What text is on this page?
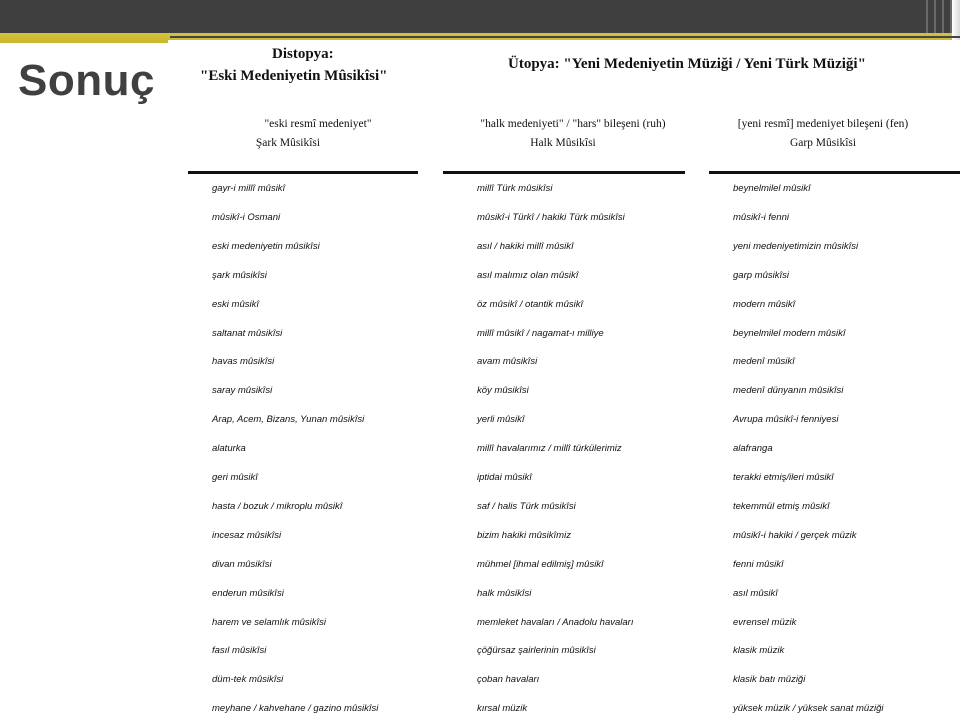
Distopya:
"Eski Medeniyetin Mûsikîsi"
Ütopya: "Yeni Medeniyetin Müziği / Yeni Türk Müziği"
"eski resmî medeniyet"
Şark Mûsikîsi
"halk medeniyeti" / "hars" bileşeni (ruh)
Halk Mûsikîsi
[yeni resmî] medeniyet bileşeni (fen)
Garp Mûsikîsi
gayr-i millî mûsikî
mûsikî-i Osmani
eski medeniyetin mûsikîsi
şark mûsikîsi
eski mûsikî
saltanat mûsikîsi
havas mûsikîsi
saray mûsikîsi
Arap, Acem, Bizans, Yunan mûsikîsi
alaturka
geri mûsikî
hasta / bozuk / mikroplu mûsikî
incesaz mûsikîsi
divan mûsikîsi
enderun mûsikîsi
harem ve selamlık mûsikîsi
fasıl mûsikîsi
düm-tek mûsikîsi
meyhane / kahvehane / gazino mûsikîsi
millî Türk mûsikîsi
mûsikî-i Türkî / hakiki Türk mûsikîsi
asıl / hakiki millî mûsikî
asıl malımız olan mûsikî
öz mûsikî / otantik mûsikî
millî mûsikî / nagamat-ı milliye
avam mûsikîsi
köy mûsikîsi
yerli mûsikî
millî havalarımız / millî türkülerimiz
iptidai mûsikî
saf / halis Türk mûsikîsi
bizim hakiki mûsikîmiz
mühmel [ihmal edilmiş] mûsikî
halk mûsikîsi
memleket havaları / Anadolu havaları
çöğürsaz şairlerinin mûsikîsi
çoban havaları
kırsal müzik
beynelmilel mûsikî
mûsikî-i fenni
yeni medeniyetimizin mûsikîsi
garp mûsikîsi
modern mûsikî
beynelmilel modern mûsikî
medenî mûsikî
medenî dünyanın mûsikîsi
Avrupa mûsikî-i fenniyesi
alafranga
terakki etmiş/ileri mûsikî
tekemmül etmiş mûsikî
mûsikî-i hakiki / gerçek müzik
fenni mûsikî
asıl mûsikî
evrensel müzik
klasik müzik
klasik batı müziği
yüksek müzik / yüksek sanat müziği
Sonuç
